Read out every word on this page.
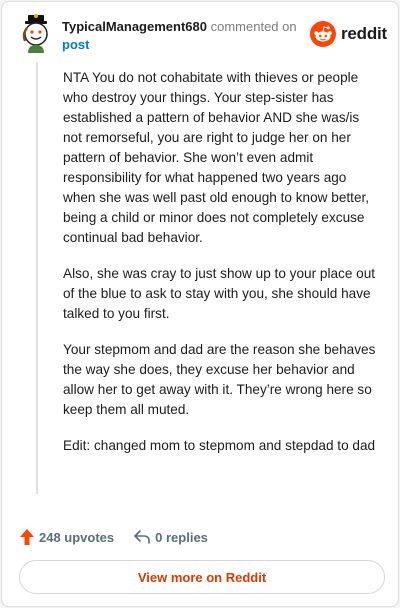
TypicalManagement680 commented on
post
reddit

NTA You do not cohabitate with thieves or people who destroy your things. Your step-sister has established a pattern of behavior AND she was/is not remorseful, you are right to judge her on her pattern of behavior. She won’t even admit responsibility for what happened two years ago when she was well past old enough to know better, being a child or minor does not completely excuse continual bad behavior.

Also, she was cray to just show up to your place out of the blue to ask to stay with you, she should have talked to you first.

Your stepmom and dad are the reason she behaves the way she does, they excuse her behavior and allow her to get away with it. They’re wrong here so keep them all muted.

Edit: changed mom to stepmom and stepdad to dad

248 upvotes	0 replies
View more on Reddit
